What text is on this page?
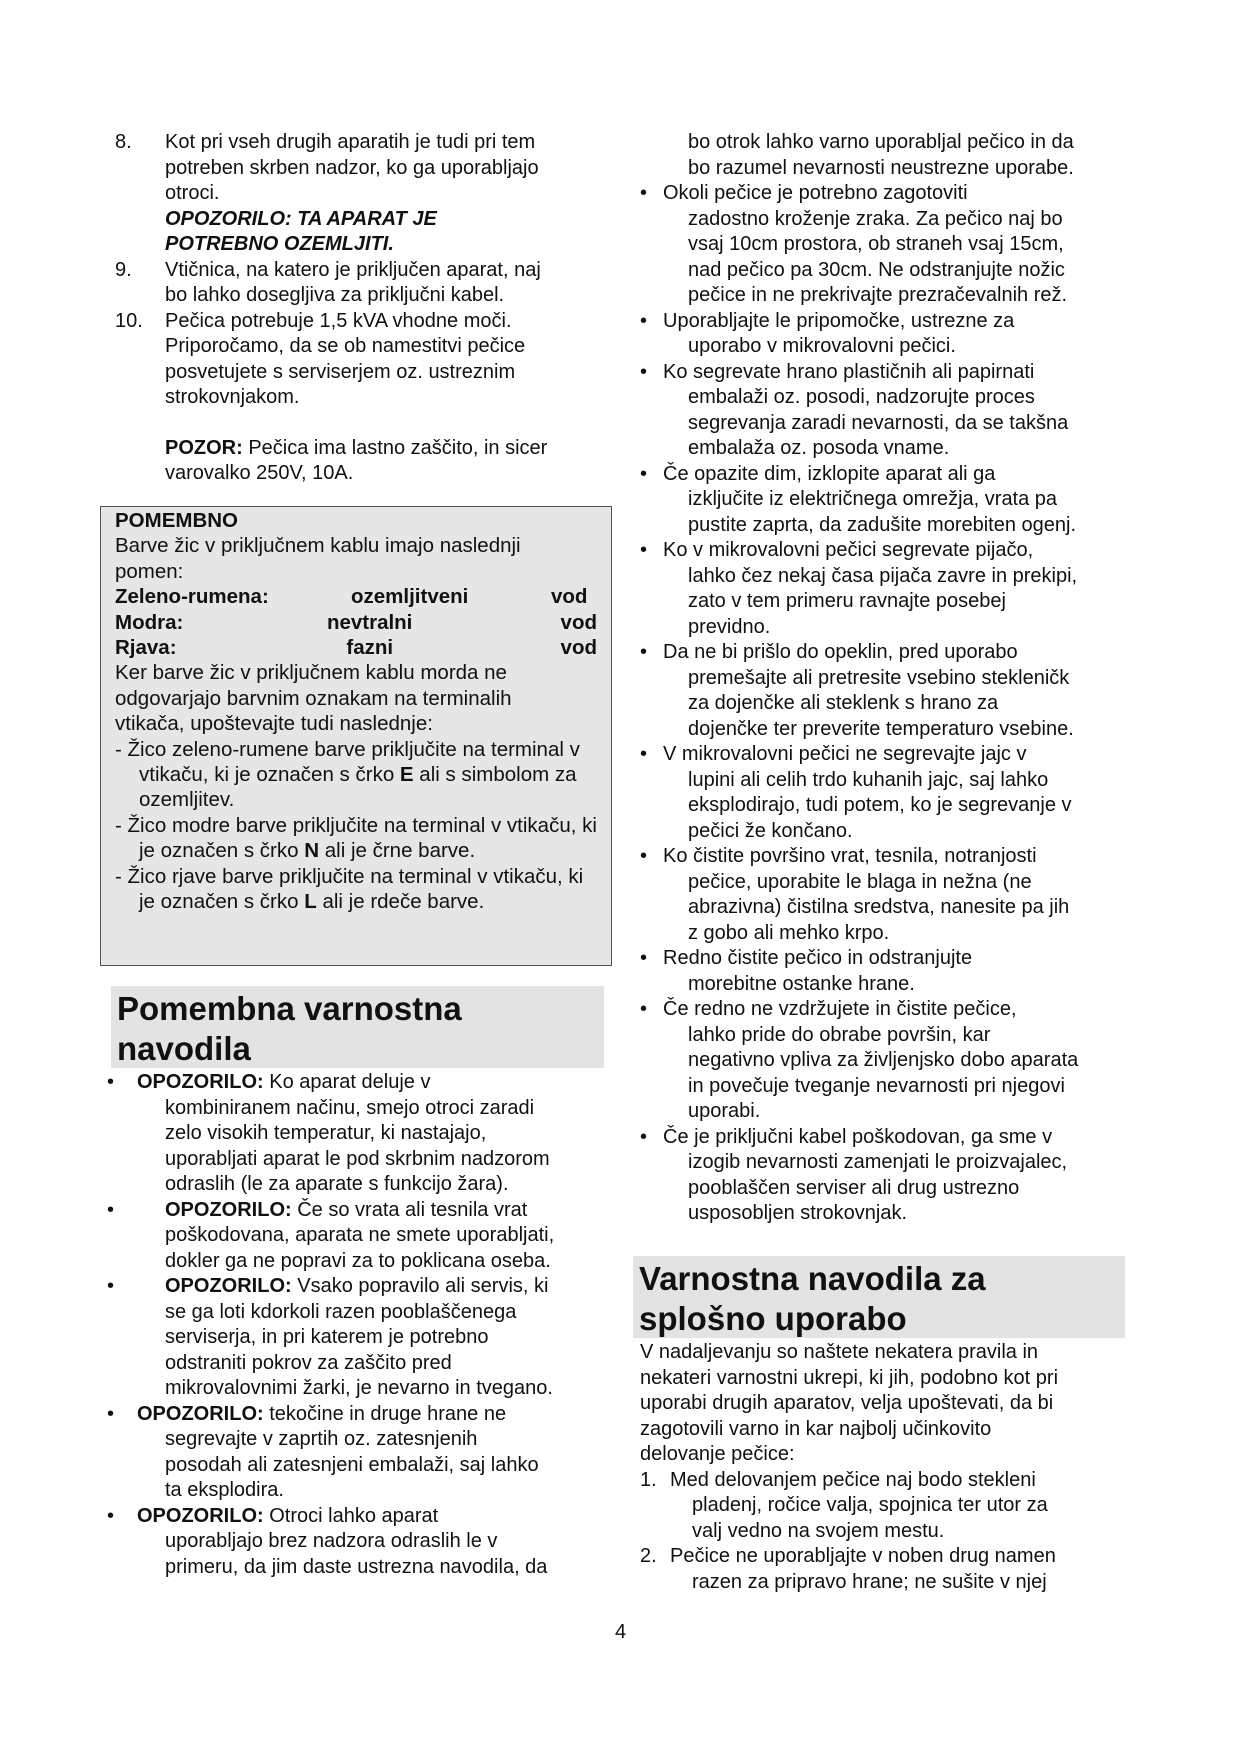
8. Kot pri vseh drugih aparatih je tudi pri tem

potreben skrben nadzor, ko ga uporabljajo

otroci.

OPOZORILO: TA APARAT JE

POTREBNO OZEMLJITI.

9. Vtičnica, na katero je priključen aparat, naj

bo lahko dosegljiva za priključni kabel.

10. Pečica potrebuje 1,5 kVA vhodne moči.

Priporočamo, da se ob namestitvi pečice

posvetujete s serviserjem oz. ustreznim

strokovnjakom.

POZOR: Pečica ima lastno zaščito, in sicer

varovalko 250V, 10A.

POMEMBNO

Barve žic v priključnem kablu imajo naslednji

pomen:

Zeleno-rumena:	ozemljitveni	vod
Modra:	nevtralni	vod
Rjava:	fazni	vod

Ker barve žic v priključnem kablu morda ne

odgovarjajo barvnim oznakam na terminalih

vtikača, upoštevajte tudi naslednje:

- Žico zeleno-rumene barve priključite na terminal v vtikaču, ki je označen s črko E ali s simbolom za ozemljitev.

- Žico modre barve priključite na terminal v vtikaču, ki je označen s črko N ali je črne barve.

- Žico rjave barve priključite na terminal v vtikaču, ki je označen s črko L ali je rdeče barve.

Pomembna varnostna
navodila
• OPOZORILO: Ko aparat deluje v
kombiniranem načinu, smejo otroci zaradi
zelo visokih temperatur, ki nastajajo,
uporabljati aparat le pod skrbnim nadzorom
odraslih (le za aparate s funkcijo žara).
•	OPOZORILO: Če so vrata ali tesnila vrat
poškodovana, aparata ne smete uporabljati,
dokler ga ne popravi za to poklicana oseba.
•	OPOZORILO: Vsako popravilo ali servis, ki
se ga loti kdorkoli razen pooblaščenega
serviserja, in pri katerem je potrebno
odstraniti pokrov za zaščito pred
mikrovalovnimi žarki, je nevarno in tvegano.
• OPOZORILO: tekočine in druge hrane ne
segrevajte v zaprtih oz. zatesnjenih
posodah ali zatesnjeni embalaži, saj lahko
ta eksplodira.
• OPOZORILO: Otroci lahko aparat
uporabljajo brez nadzora odraslih le v
primeru, da jim daste ustrezna navodila, da
bo otrok lahko varno uporabljal pečico in da
bo razumel nevarnosti neustrezne uporabe.
• Okoli pečice je potrebno zagotoviti
zadostno kroženje zraka. Za pečico naj bo
vsaj 10cm prostora, ob straneh vsaj 15cm,
nad pečico pa 30cm. Ne odstranjujte nožic
pečice in ne prekrivajte prezračevalnih rež.
• Uporabljajte le pripomočke, ustrezne za
uporabo v mikrovalovni pečici.
• Ko segrevate hrano plastičnih ali papirnati
embalaži oz. posodi, nadzorujte proces
segrevanja zaradi nevarnosti, da se takšna
embalaža oz. posoda vname.
• Če opazite dim, izklopite aparat ali ga
izključite iz električnega omrežja, vrata pa
pustite zaprta, da zadušite morebiten ogenj.
• Ko v mikrovalovni pečici segrevate pijačo,
lahko čez nekaj časa pijača zavre in prekipi,
zato v tem primeru ravnajte posebej
previdno.
• Da ne bi prišlo do opeklin, pred uporabo
premešajte ali pretresite vsebino stekleničk
za dojenčke ali steklenk s hrano za
dojenčke ter preverite temperaturo vsebine.
• V mikrovalovni pečici ne segrevajte jajc v
lupini ali celih trdo kuhanih jajc, saj lahko
eksplodirajo, tudi potem, ko je segrevanje v
pečici že končano.
• Ko čistite površino vrat, tesnila, notranjosti
pečice, uporabite le blaga in nežna (ne
abrazivna) čistilna sredstva, nanesite pa jih
z gobo ali mehko krpo.
• Redno čistite pečico in odstranjujte
morebitne ostanke hrane.
• Če redno ne vzdržujete in čistite pečice,
lahko pride do obrabe površin, kar
negativno vpliva za življenjsko dobo aparata
in povečuje tveganje nevarnosti pri njegovi
uporabi.
• Če je priključni kabel poškodovan, ga sme v
izogib nevarnosti zamenjati le proizvajalec,
pooblaščen serviser ali drug ustrezno
usposobljen strokovnjak.
Varnostna navodila za
splošno uporabo
V nadaljevanju so naštete nekatera pravila in
nekateri varnostni ukrepi, ki jih, podobno kot pri
uporabi drugih aparatov, velja upoštevati, da bi
zagotovili varno in kar najbolj učinkovito
delovanje pečice:
1. Med delovanjem pečice naj bodo stekleni
pladenj, ročice valja, spojnica ter utor za
valj vedno na svojem mestu.
2. Pečice ne uporabljajte v noben drug namen
razen za pripravo hrane; ne sušite v njej
4
